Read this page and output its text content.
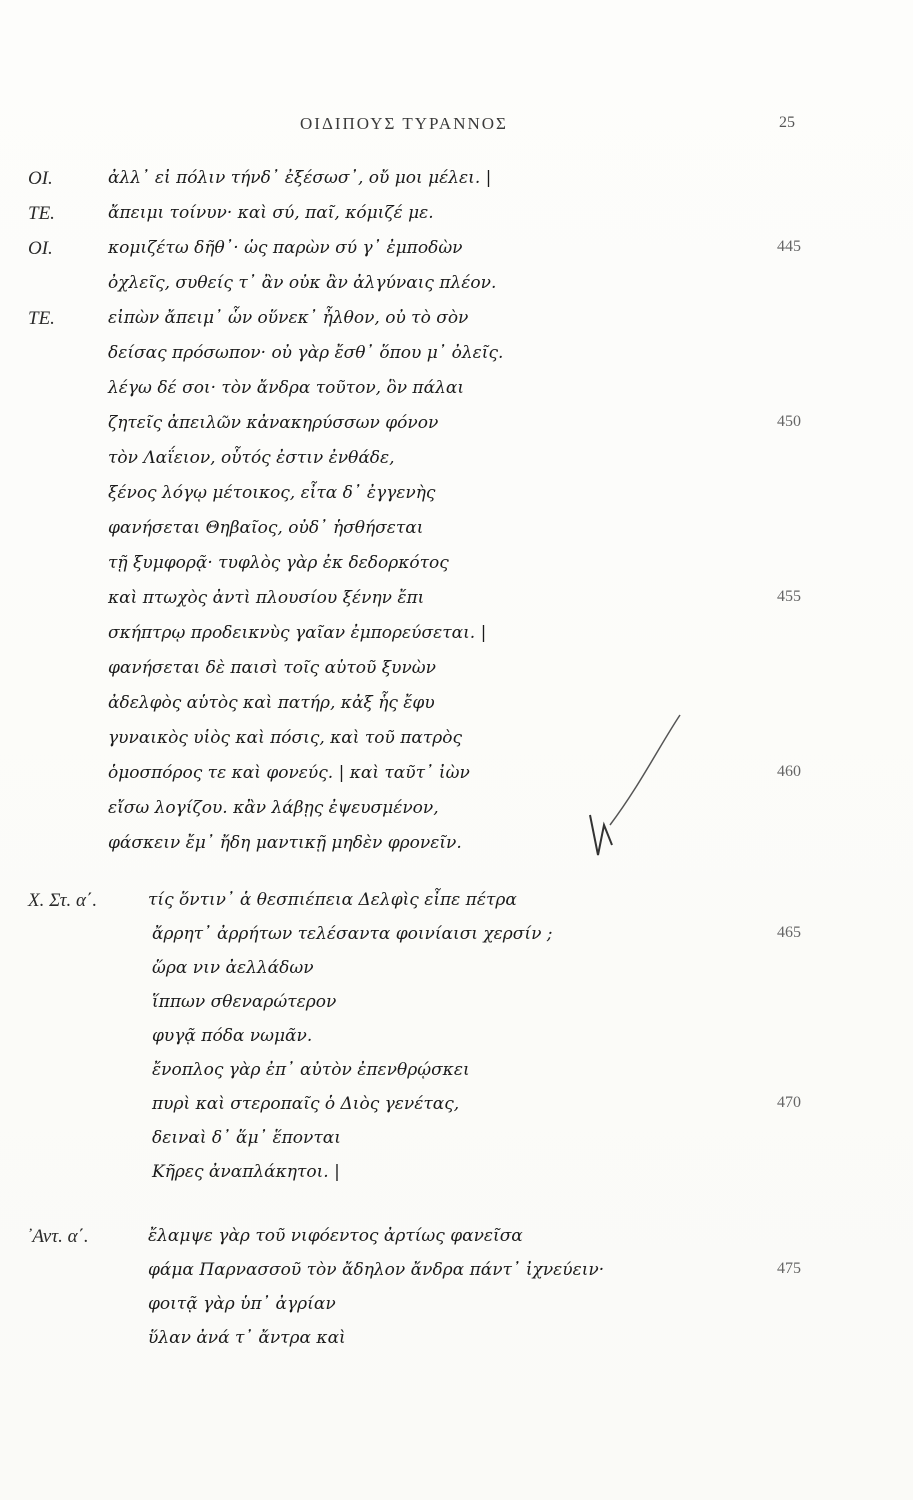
ΟΙΔΙΠΟΥΣ ΤΥΡΑΝΝΟΣ	25
ΟΙ.	ἀλλ᾽ εἰ πόλιν τήνδ᾽ ἐξέσωσ᾽, οὔ μοι μέλει. |
ΤΕ.	ἄπειμι τοίνυν· καὶ σύ, παῖ, κόμιζέ με.
ΟΙ.	κομιζέτω δῆθ᾽· ὡς παρὼν σύ γ᾽ ἐμποδὼν	445
ὀχλεῖς, συθείς τ᾽ ἂν οὐκ ἂν ἀλγύναις πλέον.
ΤΕ.	εἰπὼν ἄπειμ᾽ ὧν οὕνεκ᾽ ἦλθον, οὐ τὸ σὸν
δείσας πρόσωπον· οὐ γὰρ ἔσθ᾽ ὅπου μ᾽ ὀλεῖς.
λέγω δέ σοι· τὸν ἄνδρα τοῦτον, ὃν πάλαι
ζητεῖς ἀπειλῶν κἀνακηρύσσων φόνον	450
τὸν Λαΐειον, οὗτός ἐστιν ἐνθάδε,
ξένος λόγῳ μέτοικος, εἶτα δ᾽ ἐγγενὴς
φανήσεται Θηβαῖος, οὐδ᾽ ἡσθήσεται
τῇ ξυμφορᾷ· τυφλὸς γὰρ ἐκ δεδορκότος
καὶ πτωχὸς ἀντὶ πλουσίου ξένην ἔπι	455
σκήπτρῳ προδεικνὺς γαῖαν ἐμπορεύσεται. |
φανήσεται δὲ παισὶ τοῖς αὑτοῦ ξυνὼν
ἀδελφὸς αὑτὸς καὶ πατήρ, κἀξ ἧς ἔφυ
γυναικὸς υἱὸς καὶ πόσις, καὶ τοῦ πατρὸς
ὁμοσπόρος τε καὶ φονεύς. | καὶ ταῦτ᾽ ἰὼν	460
εἴσω λογίζου. κἂν λάβῃς ἐψευσμένον,
φάσκειν ἔμ᾽ ἤδη μαντικῇ μηδὲν φρονεῖν.
Χ. Στ. α΄.	τίς ὅντιν᾽ ἁ θεσπιέπεια Δελφὶς εἶπε πέτρα
ἄρρητ᾽ ἀρρήτων τελέσαντα φοινίαισι χερσίν ;	465
ὥρα νιν ἀελλάδων
ἵππων σθεναρώτερον
φυγᾷ πόδα νωμᾶν.
ἔνοπλος γὰρ ἐπ᾽ αὐτὸν ἐπενθρῴσκει
πυρὶ καὶ στεροπαῖς ὁ Διὸς γενέτας,	470
δειναὶ δ᾽ ἅμ᾽ ἕπονται
Κῆρες ἀναπλάκητοι. |
᾽Αντ. α΄.	ἔλαμψε γὰρ τοῦ νιφόεντος ἀρτίως φανεῖσα
φάμα Παρνασσοῦ τὸν ἄδηλον ἄνδρα πάντ᾽ ἰχνεύειν·	475
φοιτᾷ γὰρ ὑπ᾽ ἀγρίαν
ὕλαν ἀνά τ᾽ ἄντρα καὶ
